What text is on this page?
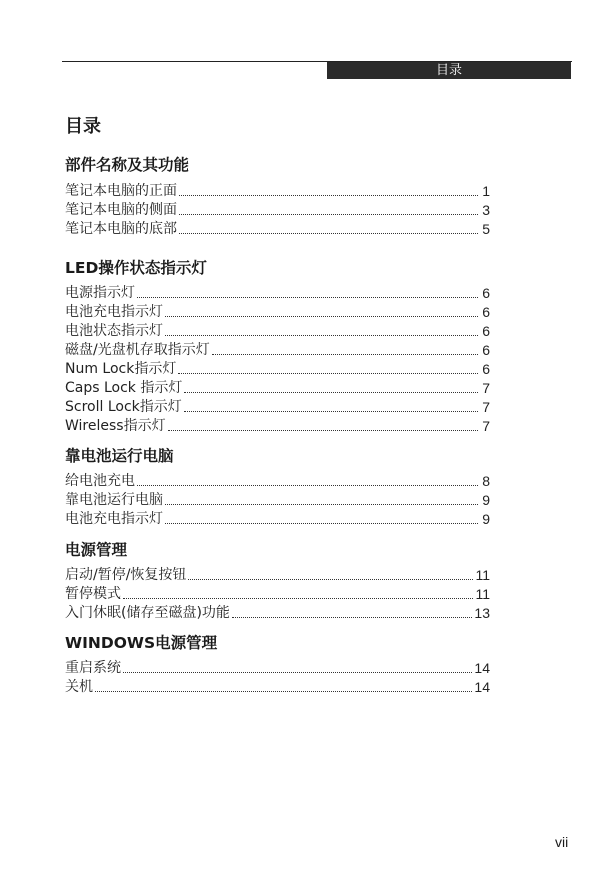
目录
目录
部件名称及其功能
笔记本电脑的正面	1
笔记本电脑的侧面	3
笔记本电脑的底部	5
LED操作状态指示灯
电源指示灯	6
电池充电指示灯	6
电池状态指示灯	6
磁盘/光盘机存取指示灯	6
Num Lock指示灯	6
Caps Lock 指示灯	7
Scroll Lock指示灯	7
Wireless指示灯	7
靠电池运行电脑
给电池充电	8
靠电池运行电脑	9
电池充电指示灯	9
电源管理
启动/暂停/恢复按钮	11
暂停模式	11
入门休眠(储存至磁盘)功能	13
WINDOWS电源管理
重启系统	14
关机	14
vii
